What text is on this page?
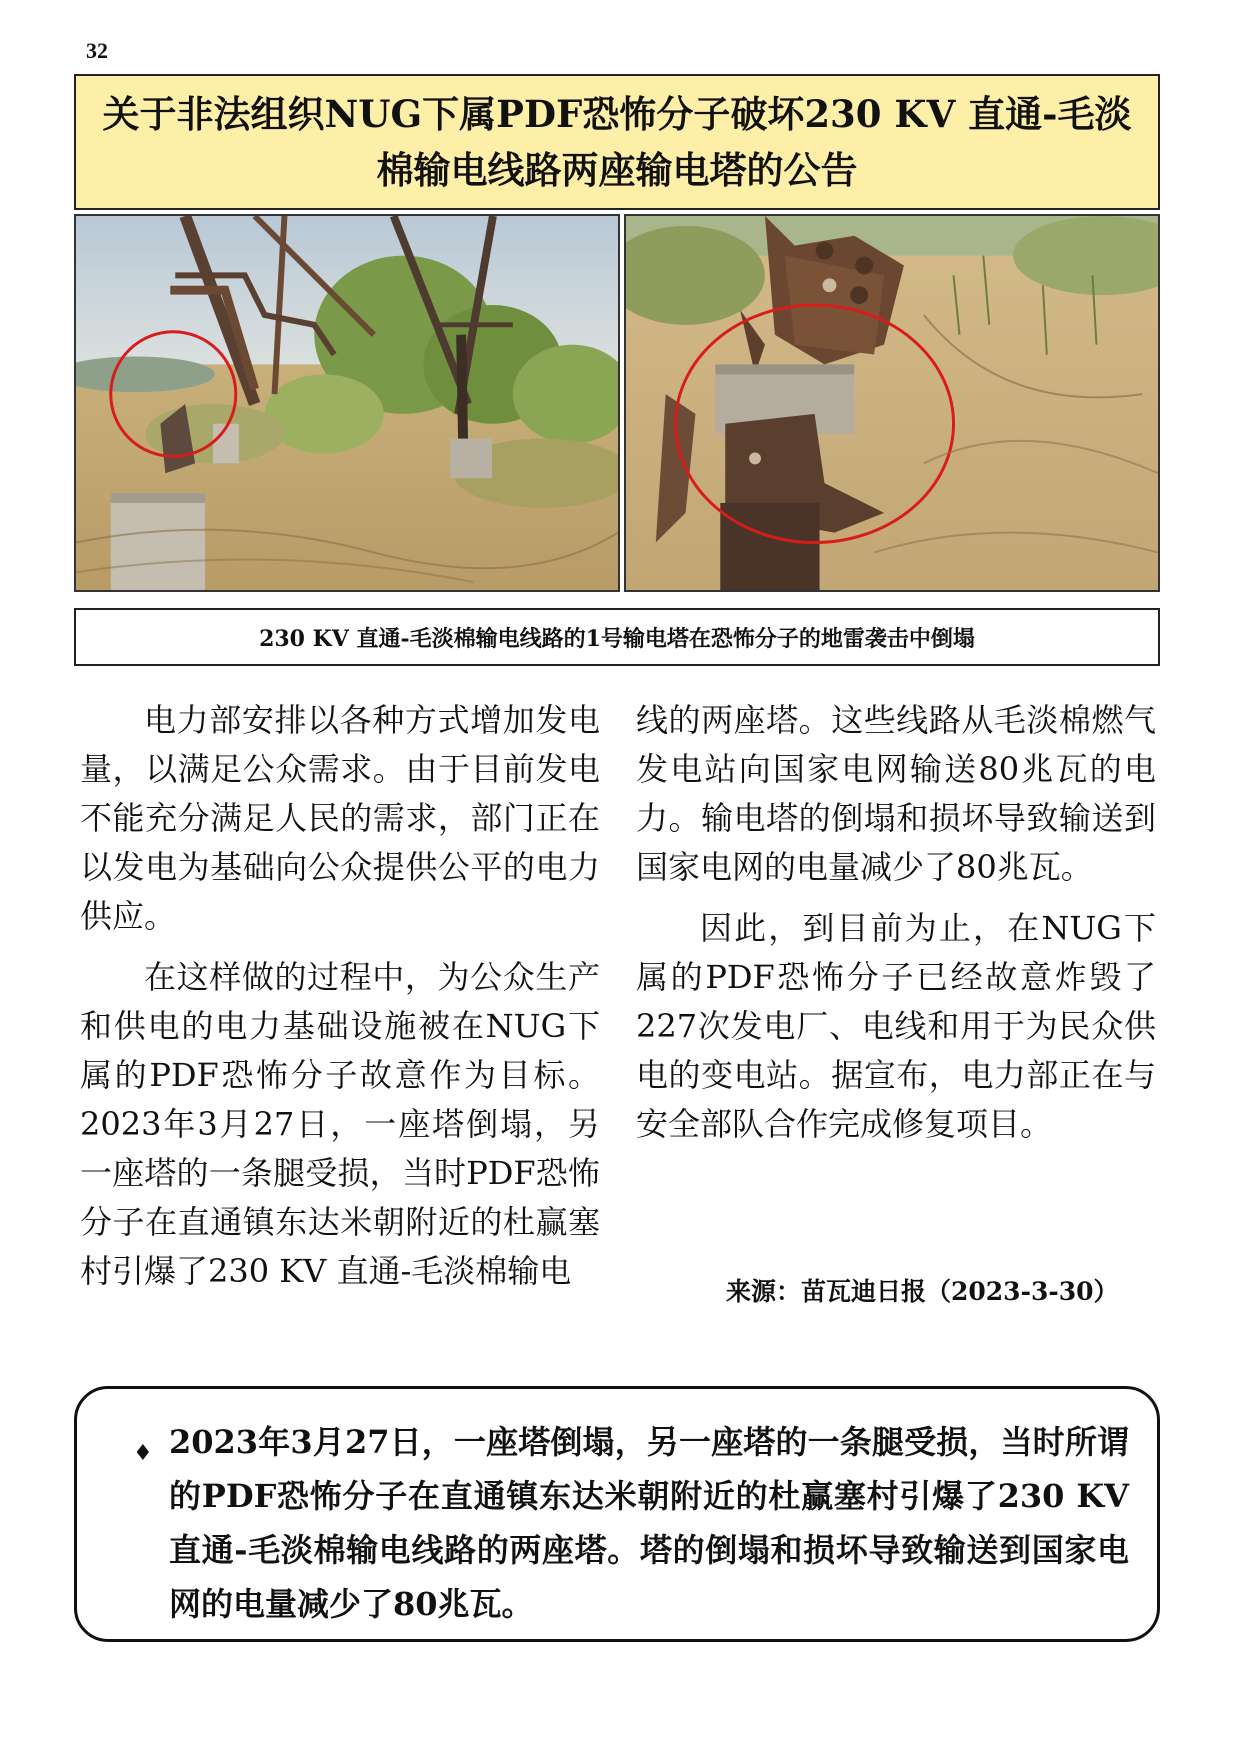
32
关于非法组织NUG下属PDF恐怖分子破坏230 KV 直通-毛淡棉输电线路两座输电塔的公告
230 KV 直通-毛淡棉输电线路的1号输电塔在恐怖分子的地雷袭击中倒塌

电力部安排以各种方式增加发电量，以满足公众需求。由于目前发电不能充分满足人民的需求，部门正在以发电为基础向公众提供公平的电力供应。

在这样做的过程中，为公众生产和供电的电力基础设施被在NUG下属的PDF恐怖分子故意作为目标。2023年3月27日，一座塔倒塌，另一座塔的一条腿受损，当时PDF恐怖分子在直通镇东达米朝附近的杜赢塞村引爆了230 KV 直通-毛淡棉输电

线的两座塔。这些线路从毛淡棉燃气发电站向国家电网输送80兆瓦的电力。输电塔的倒塌和损坏导致输送到国家电网的电量减少了80兆瓦。

因此，到目前为止，在NUG下属的PDF恐怖分子已经故意炸毁了227次发电厂、电线和用于为民众供电的变电站。据宣布，电力部正在与安全部队合作完成修复项目。

来源：苗瓦迪日报（2023-3-30）
♦ 2023年3月27日，一座塔倒塌，另一座塔的一条腿受损，当时所谓的PDF恐怖分子在直通镇东达米朝附近的杜赢塞村引爆了230 KV 直通-毛淡棉输电线路的两座塔。塔的倒塌和损坏导致输送到国家电网的电量减少了80兆瓦。
